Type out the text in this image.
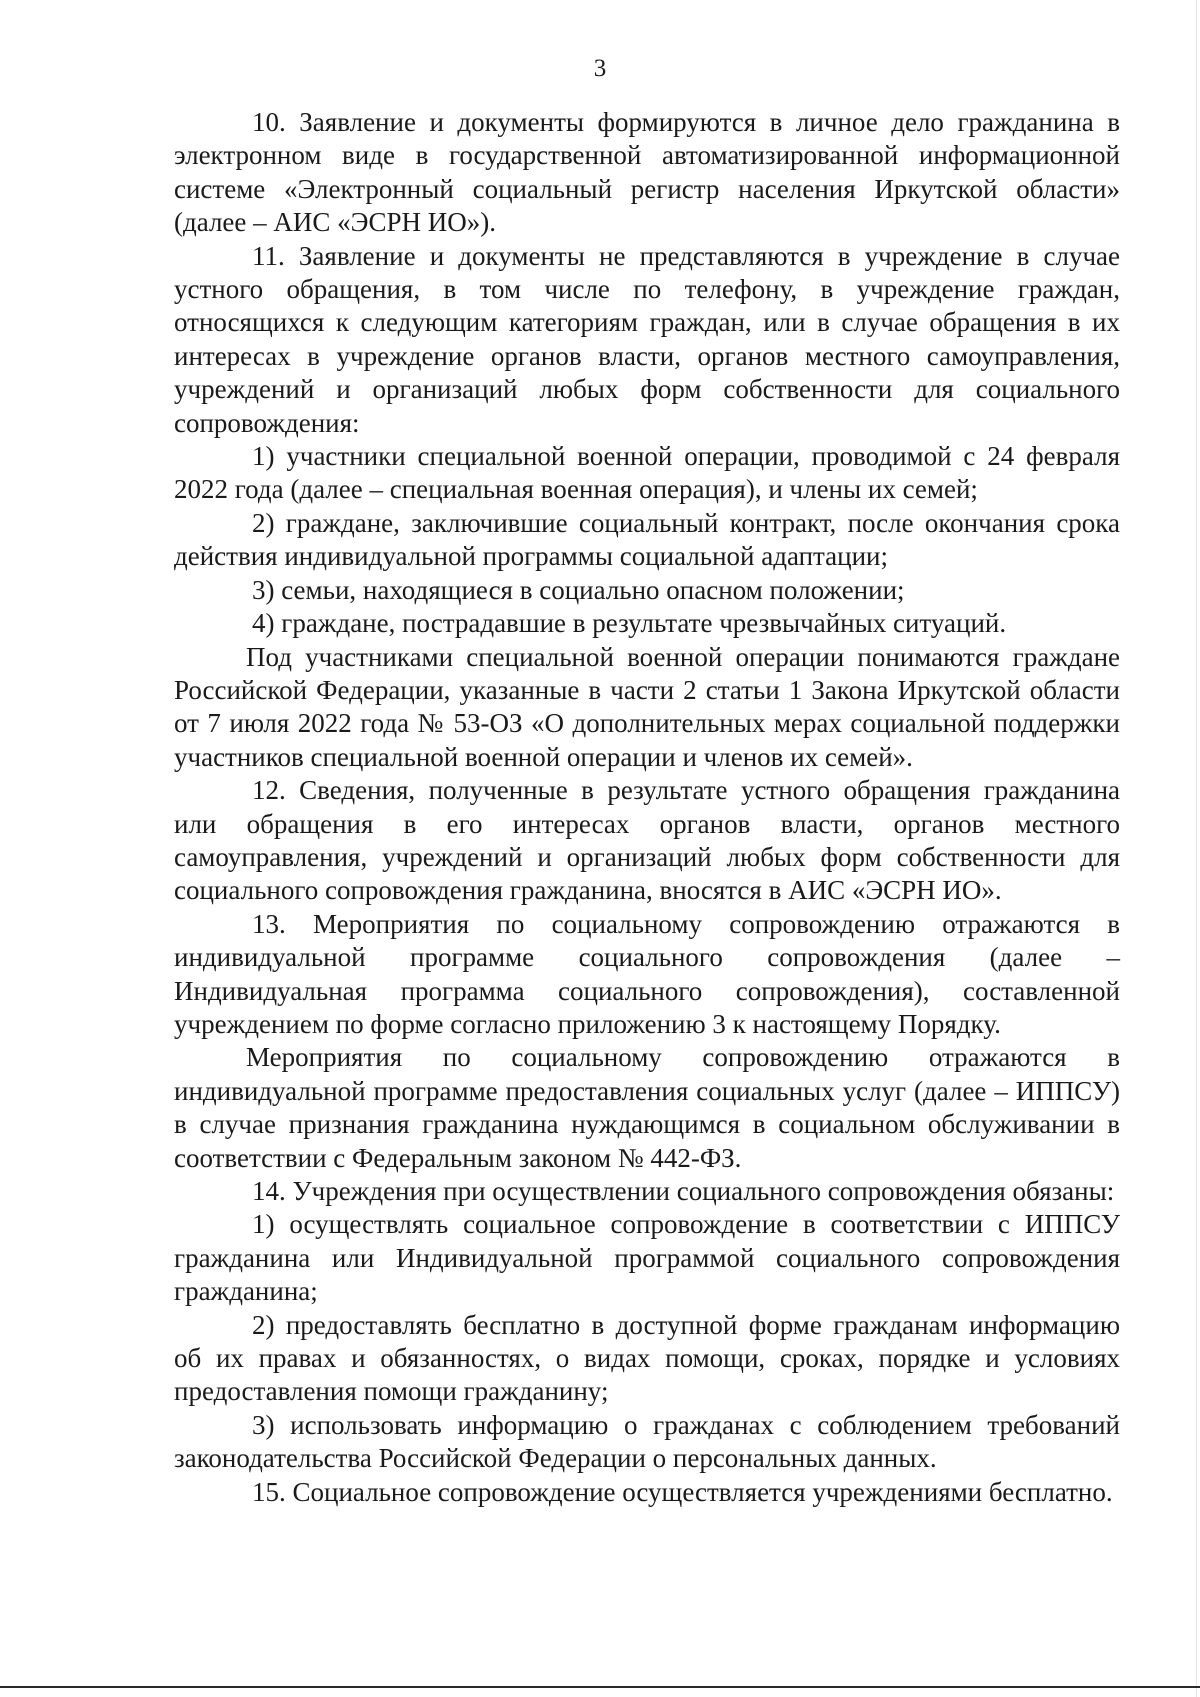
3

10. Заявление и документы формируются в личное дело гражданина в электронном виде в государственной автоматизированной информационной системе «Электронный социальный регистр населения Иркутской области» (далее – АИС «ЭСРН ИО»).

11. Заявление и документы не представляются в учреждение в случае устного обращения, в том числе по телефону, в учреждение граждан, относящихся к следующим категориям граждан, или в случае обращения в их интересах в учреждение органов власти, органов местного самоуправления, учреждений и организаций любых форм собственности для социального сопровождения:

1) участники специальной военной операции, проводимой с 24 февраля 2022 года (далее – специальная военная операция), и члены их семей;

2) граждане, заключившие социальный контракт, после окончания срока действия индивидуальной программы социальной адаптации;

3) семьи, находящиеся в социально опасном положении;

4) граждане, пострадавшие в результате чрезвычайных ситуаций.

Под участниками специальной военной операции понимаются граждане Российской Федерации, указанные в части 2 статьи 1 Закона Иркутской области от 7 июля 2022 года № 53-ОЗ «О дополнительных мерах социальной поддержки участников специальной военной операции и членов их семей».

12. Сведения, полученные в результате устного обращения гражданина или обращения в его интересах органов власти, органов местного самоуправления, учреждений и организаций любых форм собственности для социального сопровождения гражданина, вносятся в АИС «ЭСРН ИО».

13. Мероприятия по социальному сопровождению отражаются в индивидуальной программе социального сопровождения (далее – Индивидуальная программа социального сопровождения), составленной учреждением по форме согласно приложению 3 к настоящему Порядку.

Мероприятия по социальному сопровождению отражаются в индивидуальной программе предоставления социальных услуг (далее – ИППСУ) в случае признания гражданина нуждающимся в социальном обслуживании в соответствии с Федеральным законом № 442-ФЗ.

14. Учреждения при осуществлении социального сопровождения обязаны:

1) осуществлять социальное сопровождение в соответствии с ИППСУ гражданина или Индивидуальной программой социального сопровождения гражданина;

2) предоставлять бесплатно в доступной форме гражданам информацию об их правах и обязанностях, о видах помощи, сроках, порядке и условиях предоставления помощи гражданину;

3) использовать информацию о гражданах с соблюдением требований законодательства Российской Федерации о персональных данных.

15. Социальное сопровождение осуществляется учреждениями бесплатно.
